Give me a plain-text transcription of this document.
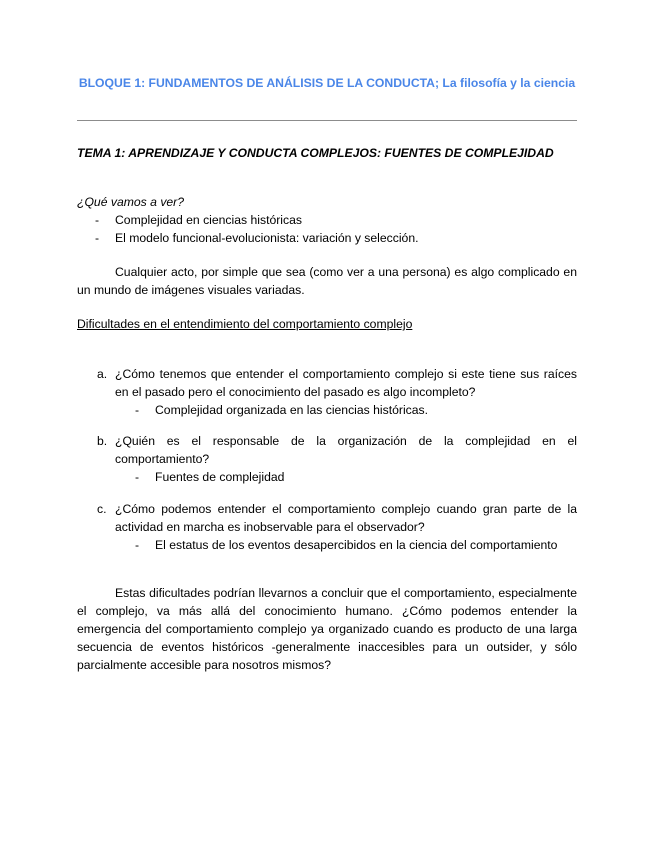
BLOQUE 1: FUNDAMENTOS DE ANÁLISIS DE LA CONDUCTA; La filosofía y la ciencia
TEMA 1: APRENDIZAJE Y CONDUCTA COMPLEJOS: FUENTES DE COMPLEJIDAD
¿Qué vamos a ver?
- Complejidad en ciencias históricas
- El modelo funcional-evolucionista: variación y selección.
Cualquier acto, por simple que sea (como ver a una persona) es algo complicado en un mundo de imágenes visuales variadas.
Dificultades en el entendimiento del comportamiento complejo
a. ¿Cómo tenemos que entender el comportamiento complejo si este tiene sus raíces en el pasado pero el conocimiento del pasado es algo incompleto?
- Complejidad organizada en las ciencias históricas.
b. ¿Quién es el responsable de la organización de la complejidad en el comportamiento?
- Fuentes de complejidad
c. ¿Cómo podemos entender el comportamiento complejo cuando gran parte de la actividad en marcha es inobservable para el observador?
- El estatus de los eventos desapercibidos en la ciencia del comportamiento
Estas dificultades podrían llevarnos a concluir que el comportamiento, especialmente el complejo, va más allá del conocimiento humano. ¿Cómo podemos entender la emergencia del comportamiento complejo ya organizado cuando es producto de una larga secuencia de eventos históricos -generalmente inaccesibles para un outsider, y sólo parcialmente accesible para nosotros mismos?
